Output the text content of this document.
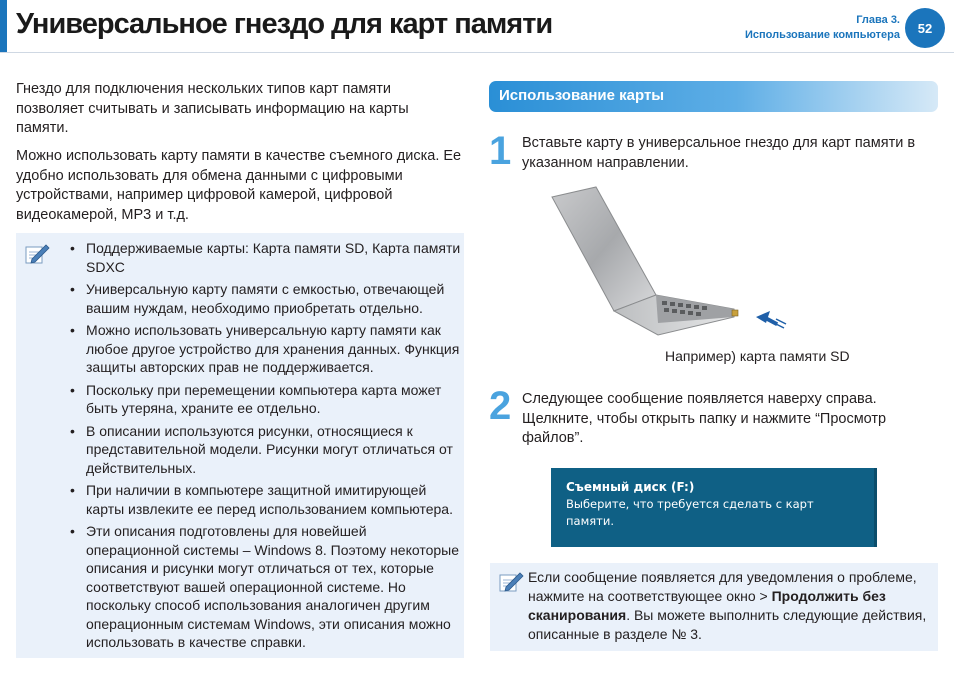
Универсальное гнездо для карт памяти	Глава 3.
Использование компьютера	52

Гнездо для подключения нескольких типов карт памяти позволяет считывать и записывать информацию на карты памяти.

Можно использовать карту памяти в качестве съемного диска. Ее удобно использовать для обмена данными с цифровыми устройствами, например цифровой камерой, цифровой видеокамерой, MP3 и т.д.

• Поддерживаемые карты: Карта памяти SD, Карта памяти SDXC
• Универсальную карту памяти с емкостью, отвечающей вашим нуждам, необходимо приобретать отдельно.
• Можно использовать универсальную карту памяти как любое другое устройство для хранения данных. Функция защиты авторских прав не поддерживается.
• Поскольку при перемещении компьютера карта может быть утеряна, храните ее отдельно.
• В описании используются рисунки, относящиеся к представительной модели. Рисунки могут отличаться от действительных.
• При наличии в компьютере защитной имитирующей карты извлеките ее перед использованием компьютера.
• Эти описания подготовлены для новейшей операционной системы – Windows 8. Поэтому некоторые описания и рисунки могут отличаться от тех, которые соответствуют вашей операционной системе. Но поскольку способ использования аналогичен другим операционным системам Windows, эти описания можно использовать в качестве справки.
Использование карты
1 Вставьте карту в универсальное гнездо для карт памяти в указанном направлении.

Например) карта памяти SD
2 Следующее сообщение появляется наверху справа. Щелкните, чтобы открыть папку и нажмите “Просмотр файлов”.

Съемный диск (F:)
Выберите, что требуется сделать с карт памяти.

Если сообщение появляется для уведомления о проблеме, нажмите на соответствующее окно > Продолжить без сканирования. Вы можете выполнить следующие действия, описанные в разделе № 3.
